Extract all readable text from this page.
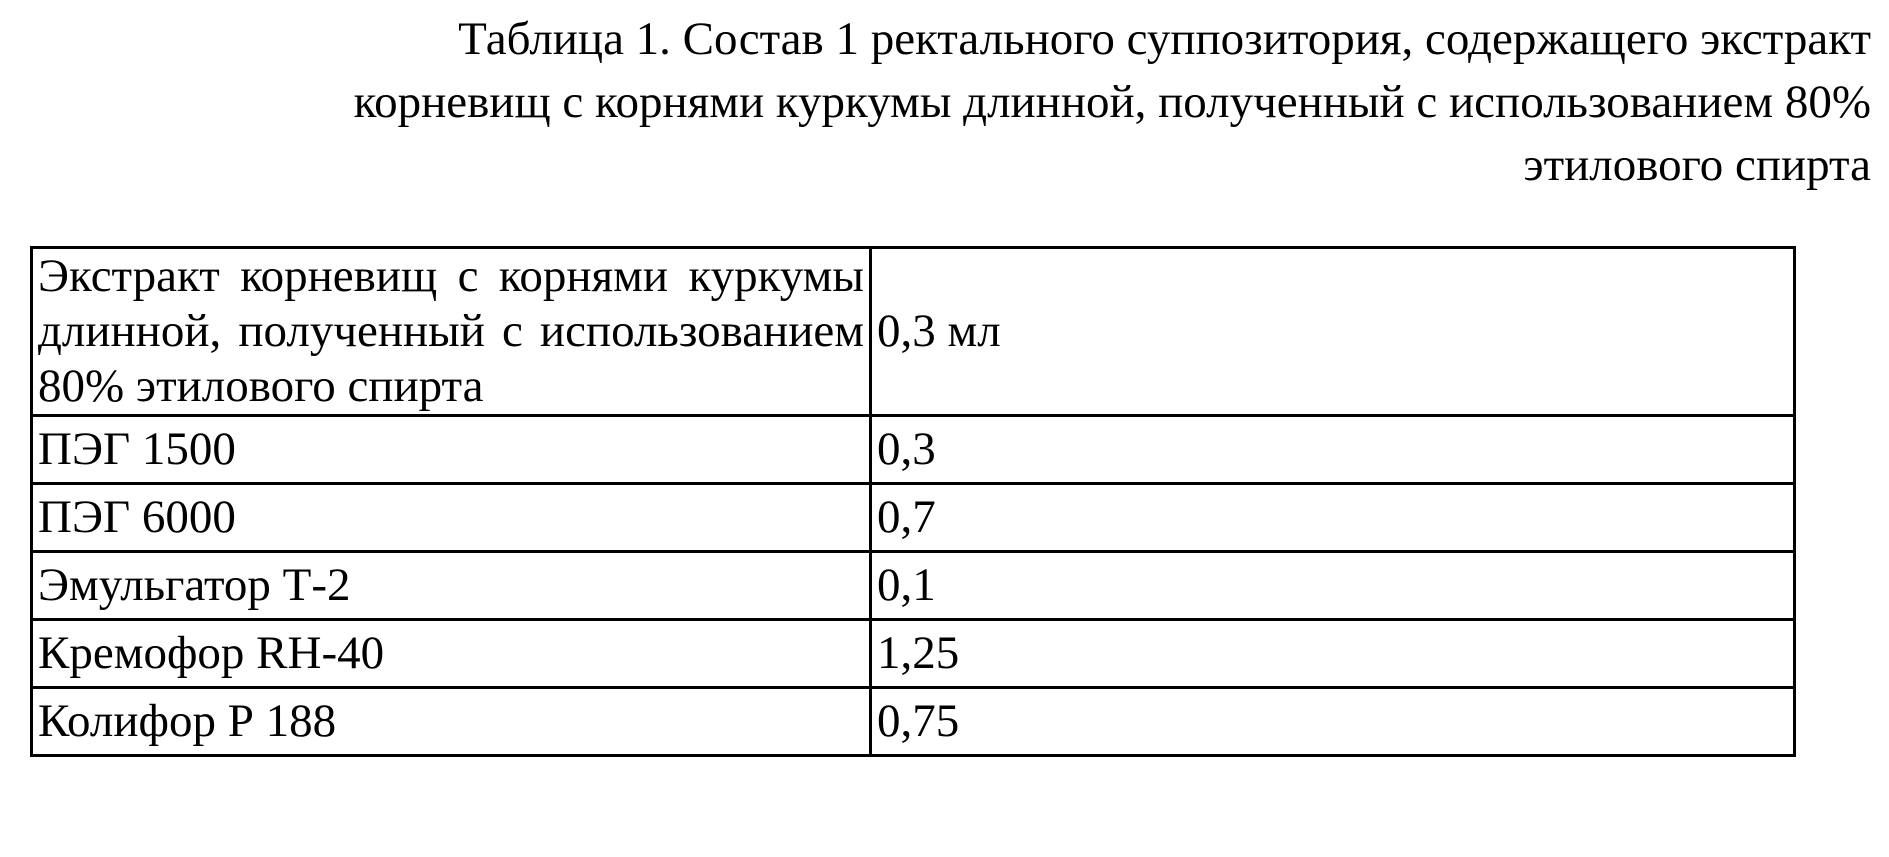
Таблица 1. Состав 1 ректального суппозитория, содержащего экстракт
корневищ с корнями куркумы длинной, полученный с использованием 80%
этилового спирта
Экстракт корневищ с корнями куркумы длинной, полученный с использованием 80% этилового спирта	0,3 мл
ПЭГ 1500	0,3
ПЭГ 6000	0,7
Эмульгатор Т-2	0,1
Кремофор RH-40	1,25
Колифор Р 188	0,75
